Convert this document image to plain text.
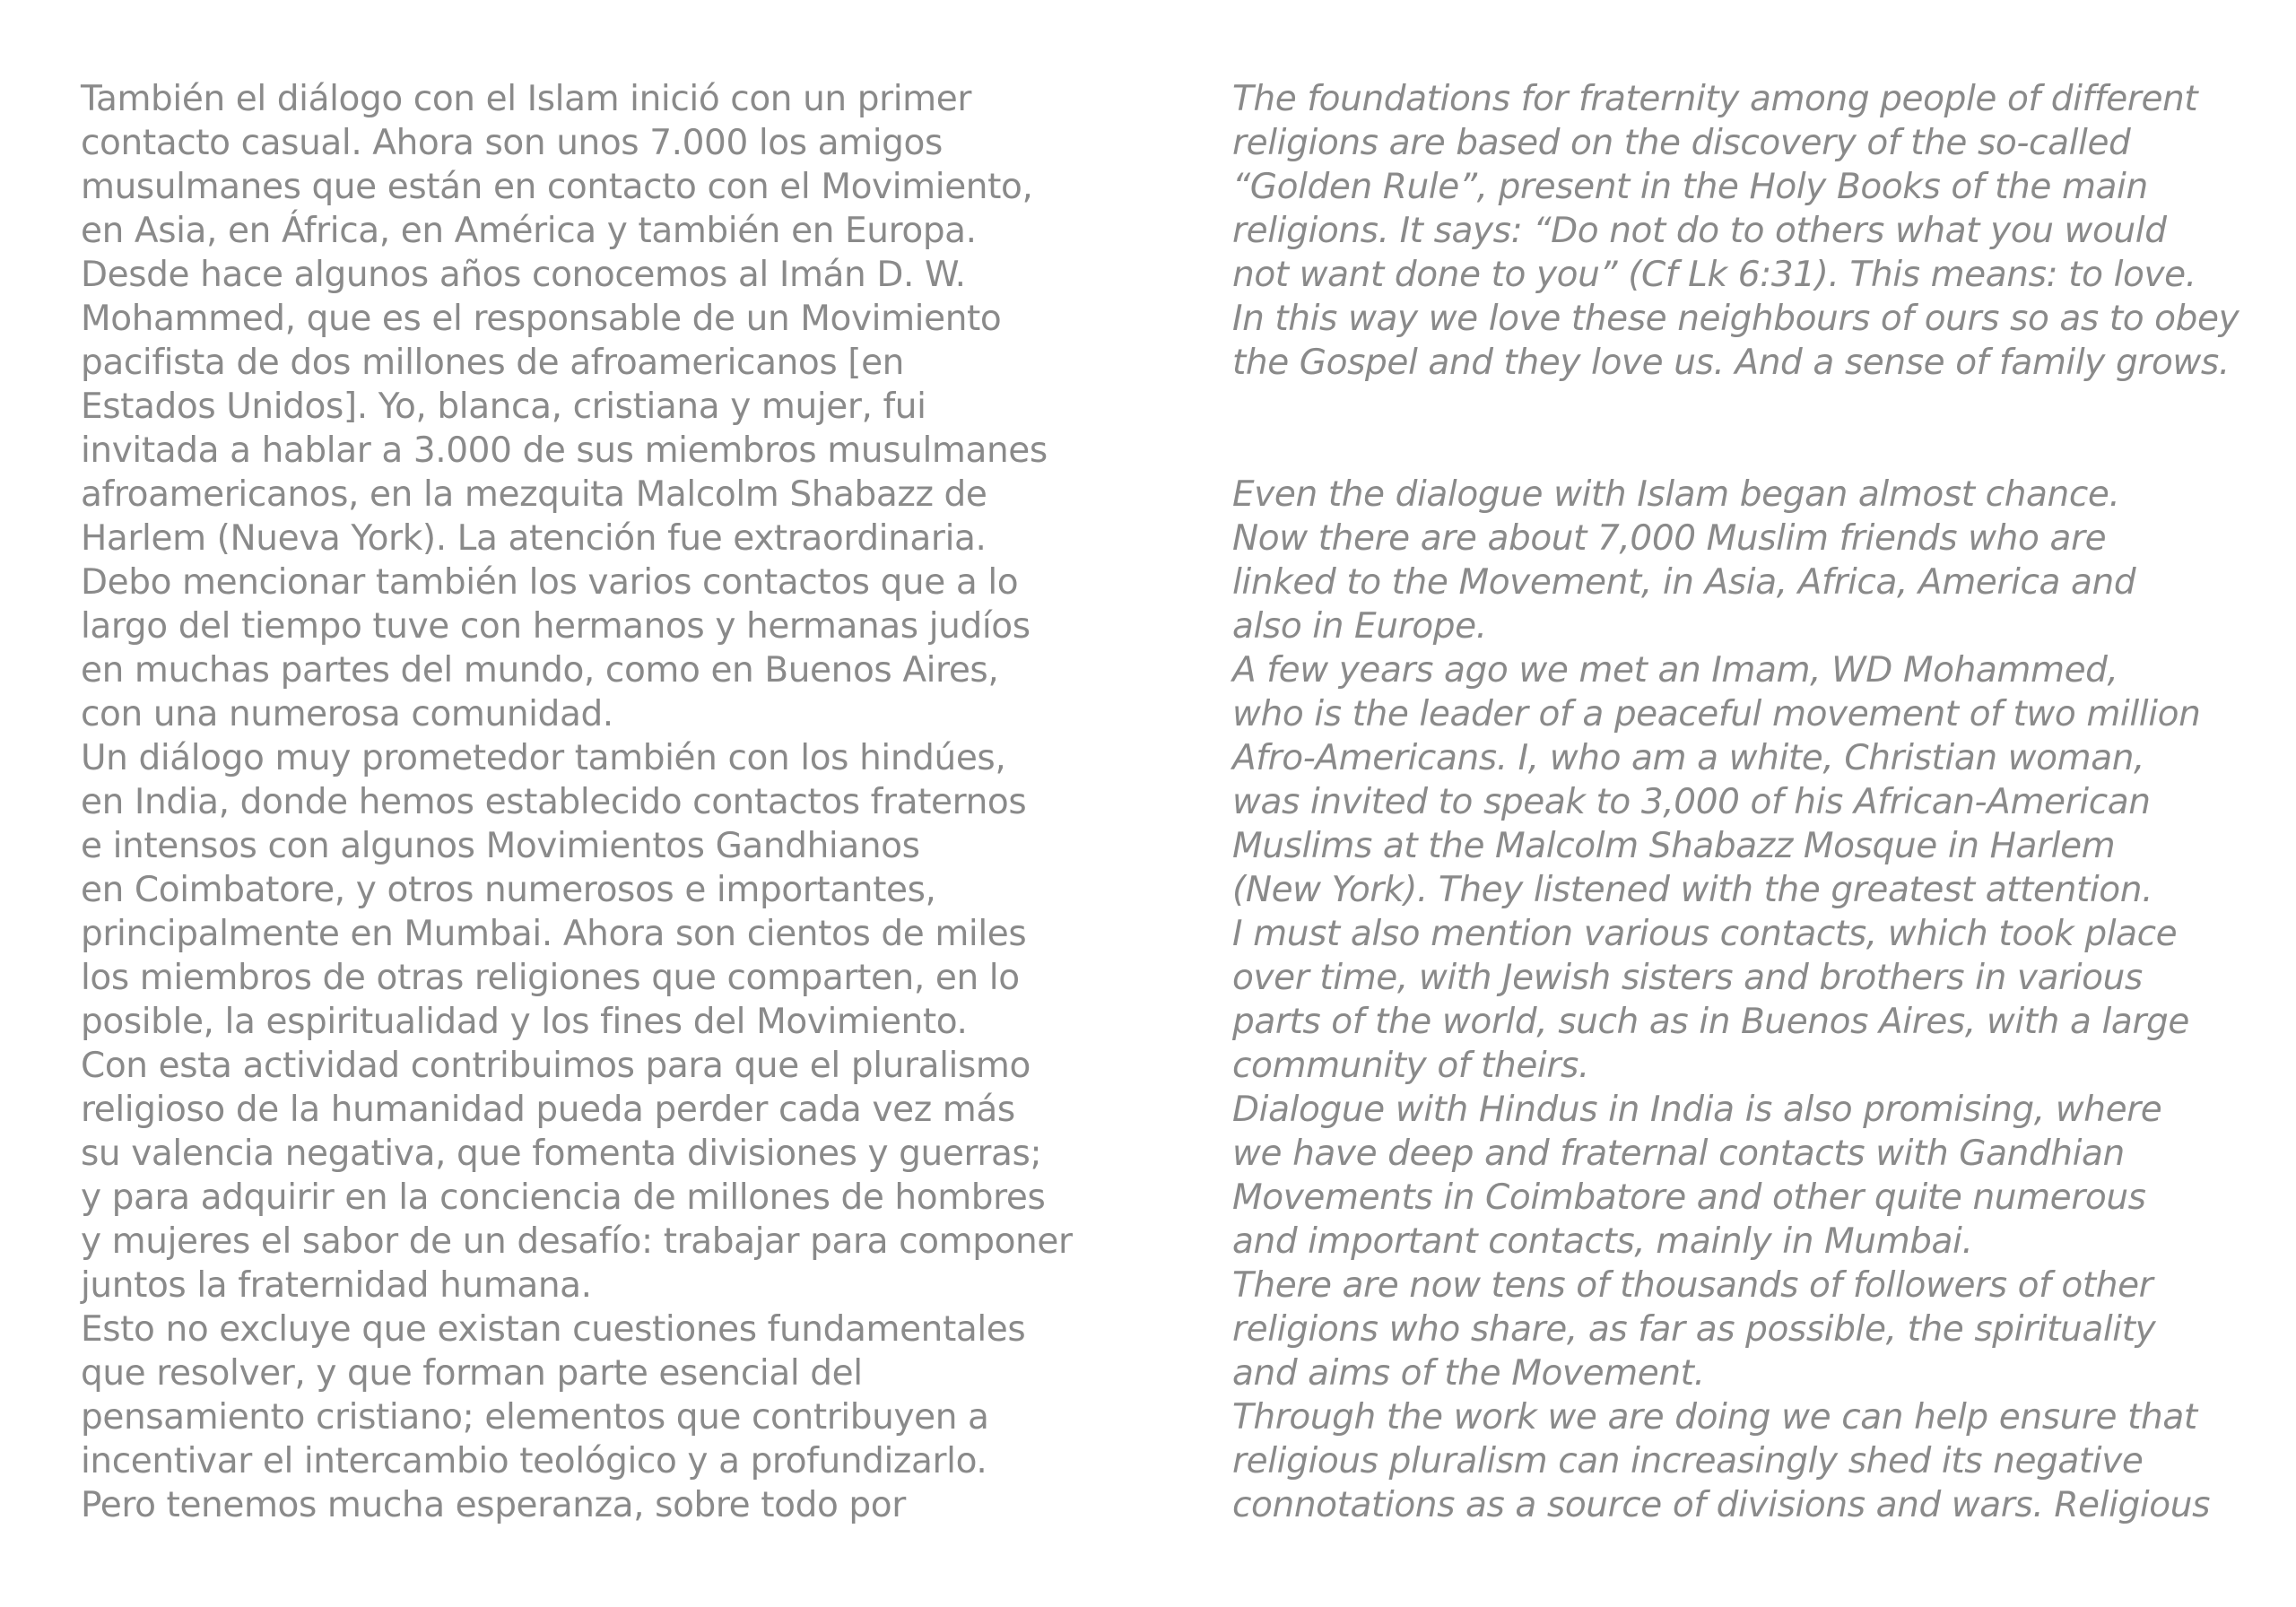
También el diálogo con el Islam inició con un primer
contacto casual. Ahora son unos 7.000 los amigos
musulmanes que están en contacto con el Movimiento,
en Asia, en África, en América y también en Europa.
Desde hace algunos años conocemos al Imán D. W.
Mohammed, que es el responsable de un Movimiento
pacifista de dos millones de afroamericanos [en
Estados Unidos]. Yo, blanca, cristiana y mujer, fui
invitada a hablar a 3.000 de sus miembros musulmanes
afroamericanos, en la mezquita Malcolm Shabazz de
Harlem (Nueva York). La atención fue extraordinaria.
Debo mencionar también los varios contactos que a lo
largo del tiempo tuve con hermanos y hermanas judíos
en muchas partes del mundo, como en Buenos Aires,
con una numerosa comunidad.
Un diálogo muy prometedor también con los hindúes,
en India, donde hemos establecido contactos fraternos
e intensos con algunos Movimientos Gandhianos
en Coimbatore, y otros numerosos e importantes,
principalmente en Mumbai. Ahora son cientos de miles
los miembros de otras religiones que comparten, en lo
posible, la espiritualidad y los fines del Movimiento.
Con esta actividad contribuimos para que el pluralismo
religioso de la humanidad pueda perder cada vez más
su valencia negativa, que fomenta divisiones y guerras;
y para adquirir en la conciencia de millones de hombres
y mujeres el sabor de un desafío: trabajar para componer
juntos la fraternidad humana.
Esto no excluye que existan cuestiones fundamentales
que resolver, y que forman parte esencial del
pensamiento cristiano; elementos que contribuyen a
incentivar el intercambio teológico y a profundizarlo.
Pero tenemos mucha esperanza, sobre todo por
The foundations for fraternity among people of different
religions are based on the discovery of the so-called
“Golden Rule”, present in the Holy Books of the main
religions. It says: “Do not do to others what you would
not want done to you” (Cf Lk 6:31). This means: to love.
In this way we love these neighbours of ours so as to obey
the Gospel and they love us. And a sense of family grows.
Even the dialogue with Islam began almost chance.
Now there are about 7,000 Muslim friends who are
linked to the Movement, in Asia, Africa, America and
also in Europe.
A few years ago we met an Imam, WD Mohammed,
who is the leader of a peaceful movement of two million
Afro-Americans. I, who am a white, Christian woman,
was invited to speak to 3,000 of his African-American
Muslims at the Malcolm Shabazz Mosque in Harlem
(New York). They listened with the greatest attention.
I must also mention various contacts, which took place
over time, with Jewish sisters and brothers in various
parts of the world, such as in Buenos Aires, with a large
community of theirs.
Dialogue with Hindus in India is also promising, where
we have deep and fraternal contacts with Gandhian
Movements in Coimbatore and other quite numerous
and important contacts, mainly in Mumbai.
There are now tens of thousands of followers of other
religions who share, as far as possible, the spirituality
and aims of the Movement.
Through the work we are doing we can help ensure that
religious pluralism can increasingly shed its negative
connotations as a source of divisions and wars. Religious
